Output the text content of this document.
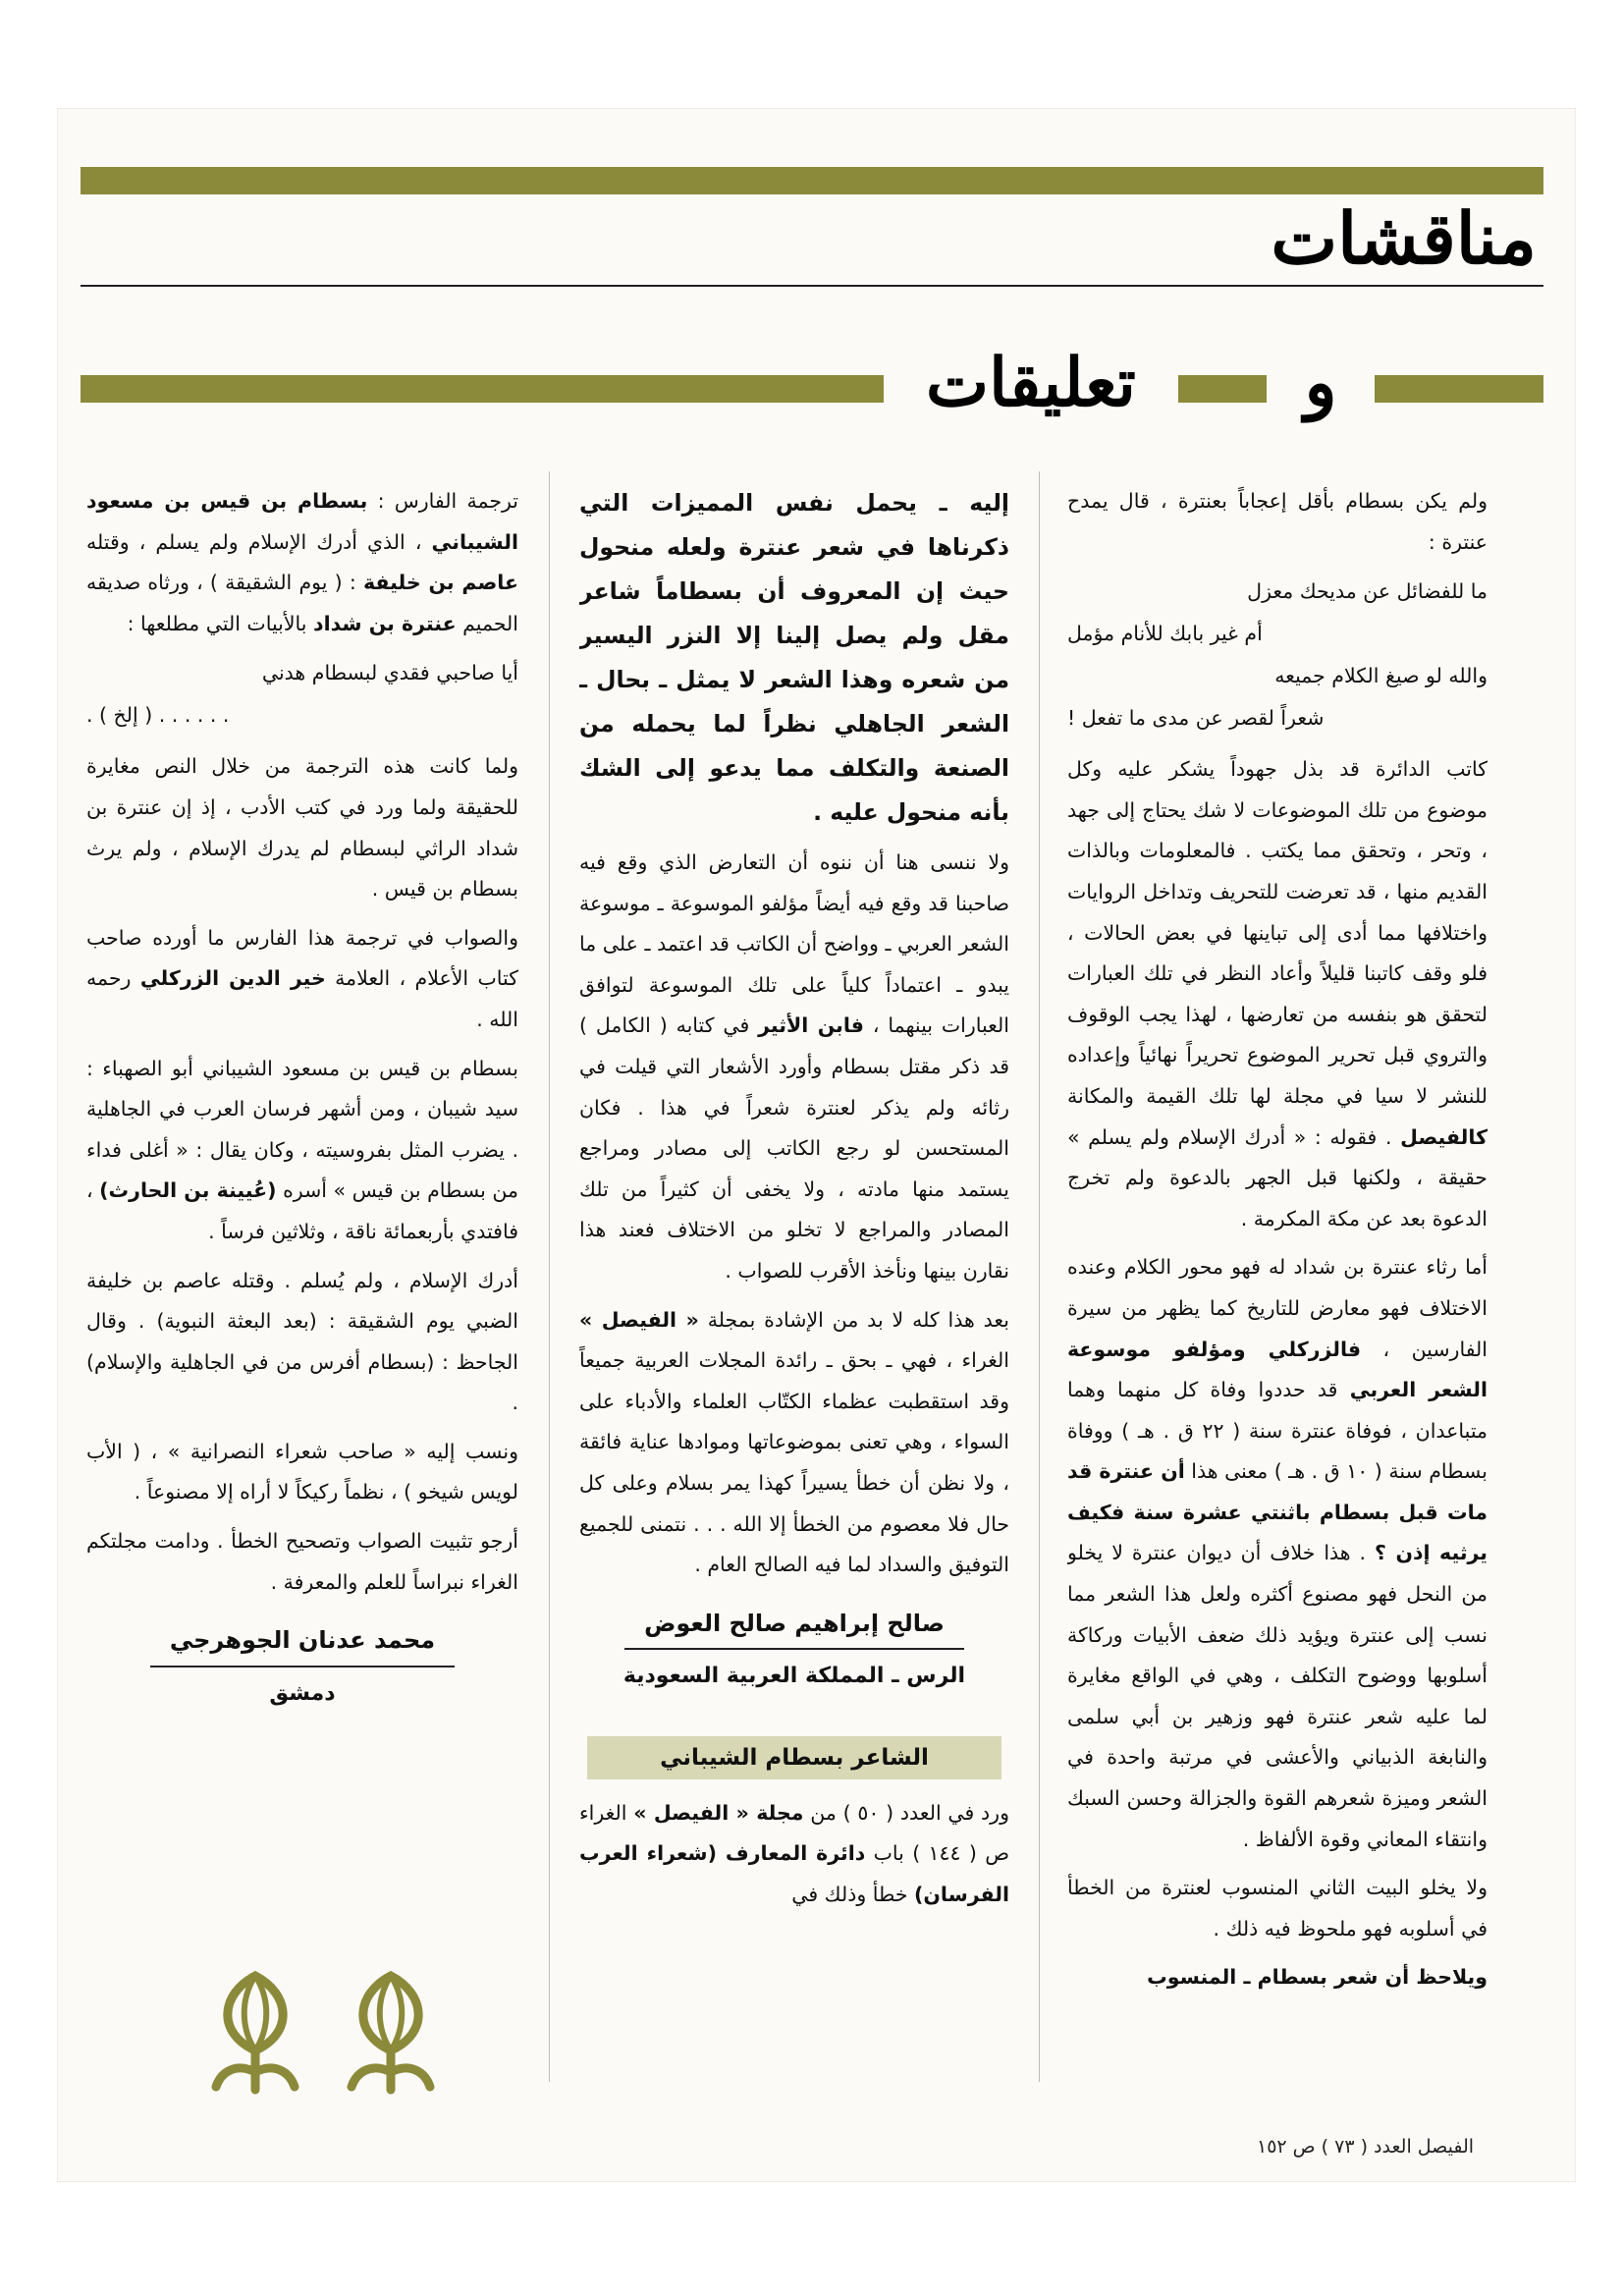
مناقشات
تعليقات	و

ولم يكن بسطام بأقل إعجاباً بعنترة ، قال يمدح عنترة :

ما للفضائل عن مديحك معزل
أم غير بابك للأنام مؤمل
والله لو صيغ الكلام جميعه
شعراً لقصر عن مدى ما تفعل !

كاتب الدائرة قد بذل جهوداً يشكر عليه وكل موضوع من تلك الموضوعات لا شك يحتاج إلى جهد ، وتحر ، وتحقق مما يكتب . فالمعلومات وبالذات القديم منها ، قد تعرضت للتحريف وتداخل الروايات واختلافها مما أدى إلى تباينها في بعض الحالات ، فلو وقف كاتبنا قليلاً وأعاد النظر في تلك العبارات لتحقق هو بنفسه من تعارضها ، لهذا يجب الوقوف والتروي قبل تحرير الموضوع تحريراً نهائياً وإعداده للنشر لا سيا في مجلة لها تلك القيمة والمكانة كالفيصل . فقوله : « أدرك الإسلام ولم يسلم » حقيقة ، ولكنها قبل الجهر بالدعوة ولم تخرج الدعوة بعد عن مكة المكرمة .

أما رثاء عنترة بن شداد له فهو محور الكلام وعنده الاختلاف فهو معارض للتاريخ كما يظهر من سيرة الفارسين ، فالزركلي ومؤلفو موسوعة الشعر العربي قد حددوا وفاة كل منهما وهما متباعدان ، فوفاة عنترة سنة ( ٢٢ ق . هـ ) ووفاة بسطام سنة ( ١٠ ق . هـ ) معنى هذا أن عنترة قد مات قبل بسطام باثنتي عشرة سنة فكيف يرثيه إذن ؟ . هذا خلاف أن ديوان عنترة لا يخلو من النحل فهو مصنوع أكثره ولعل هذا الشعر مما نسب إلى عنترة ويؤيد ذلك ضعف الأبيات وركاكة أسلوبها ووضوح التكلف ، وهي في الواقع مغايرة لما عليه شعر عنترة فهو وزهير بن أبي سلمى والنابغة الذبياني والأعشى في مرتبة واحدة في الشعر وميزة شعرهم القوة والجزالة وحسن السبك وانتقاء المعاني وقوة الألفاظ .

ولا يخلو البيت الثاني المنسوب لعنترة من الخطأ في أسلوبه فهو ملحوظ فيه ذلك .

ويلاحظ أن شعر بسطام ـ المنسوب

إليه ـ يحمل نفس المميزات التي ذكرناها في شعر عنترة ولعله منحول حيث إن المعروف أن بسطاماً شاعر مقل ولم يصل إلينا إلا النزر اليسير من شعره وهذا الشعر لا يمثل ـ بحال ـ الشعر الجاهلي نظراً لما يحمله من الصنعة والتكلف مما يدعو إلى الشك بأنه منحول عليه .

ولا ننسى هنا أن ننوه أن التعارض الذي وقع فيه صاحبنا قد وقع فيه أيضاً مؤلفو الموسوعة ـ موسوعة الشعر العربي ـ وواضح أن الكاتب قد اعتمد ـ على ما يبدو ـ اعتماداً كلياً على تلك الموسوعة لتوافق العبارات بينهما ، فابن الأثير في كتابه ( الكامل ) قد ذكر مقتل بسطام وأورد الأشعار التي قيلت في رثائه ولم يذكر لعنترة شعراً في هذا . فكان المستحسن لو رجع الكاتب إلى مصادر ومراجع يستمد منها مادته ، ولا يخفى أن كثيراً من تلك المصادر والمراجع لا تخلو من الاختلاف فعند هذا نقارن بينها ونأخذ الأقرب للصواب .

بعد هذا كله لا بد من الإشادة بمجلة « الفيصل » الغراء ، فهي ـ بحق ـ رائدة المجلات العربية جميعاً وقد استقطبت عظماء الكتّاب العلماء والأدباء على السواء ، وهي تعنى بموضوعاتها وموادها عناية فائقة ، ولا نظن أن خطأ يسيراً كهذا يمر بسلام وعلى كل حال فلا معصوم من الخطأ إلا الله . . . نتمنى للجميع التوفيق والسداد لما فيه الصالح العام .

صالح إبراهيم صالح العوض
الرس ـ المملكة العربية السعودية
الشاعر بسطام الشيباني

ورد في العدد ( ٥٠ ) من مجلة « الفيصل » الغراء ص ( ١٤٤ ) باب دائرة المعارف (شعراء العرب الفرسان) خطأ وذلك في

ترجمة الفارس : بسطام بن قيس بن مسعود الشيباني ، الذي أدرك الإسلام ولم يسلم ، وقتله عاصم بن خليفة : ( يوم الشقيقة ) ، ورثاه صديقه الحميم عنترة بن شداد بالأبيات التي مطلعها :

أيا صاحبي فقدي لبسطام هدني
. . . . . . ( إلخ ) .

ولما كانت هذه الترجمة من خلال النص مغايرة للحقيقة ولما ورد في كتب الأدب ، إذ إن عنترة بن شداد الراثي لبسطام لم يدرك الإسلام ، ولم يرث بسطام بن قيس .

والصواب في ترجمة هذا الفارس ما أورده صاحب كتاب الأعلام ، العلامة خير الدين الزركلي رحمه الله .

بسطام بن قيس بن مسعود الشيباني أبو الصهباء : سيد شيبان ، ومن أشهر فرسان العرب في الجاهلية . يضرب المثل بفروسيته ، وكان يقال : « أغلى فداء من بسطام بن قيس » أسره (عُيينة بن الحارث) ، فافتدي بأربعمائة ناقة ، وثلاثين فرساً .

أدرك الإسلام ، ولم يُسلم . وقتله عاصم بن خليفة الضبي يوم الشقيقة : (بعد البعثة النبوية) . وقال الجاحظ : (بسطام أفرس من في الجاهلية والإسلام) .

ونسب إليه « صاحب شعراء النصرانية » ، ( الأب لويس شيخو ) ، نظماً ركيكاً لا أراه إلا مصنوعاً .

أرجو تثبيت الصواب وتصحيح الخطأ . ودامت مجلتكم الغراء نبراساً للعلم والمعرفة .

محمد عدنان الجوهرجي
دمشق
الفيصل العدد ( ٧٣ ) ص ١٥٢
